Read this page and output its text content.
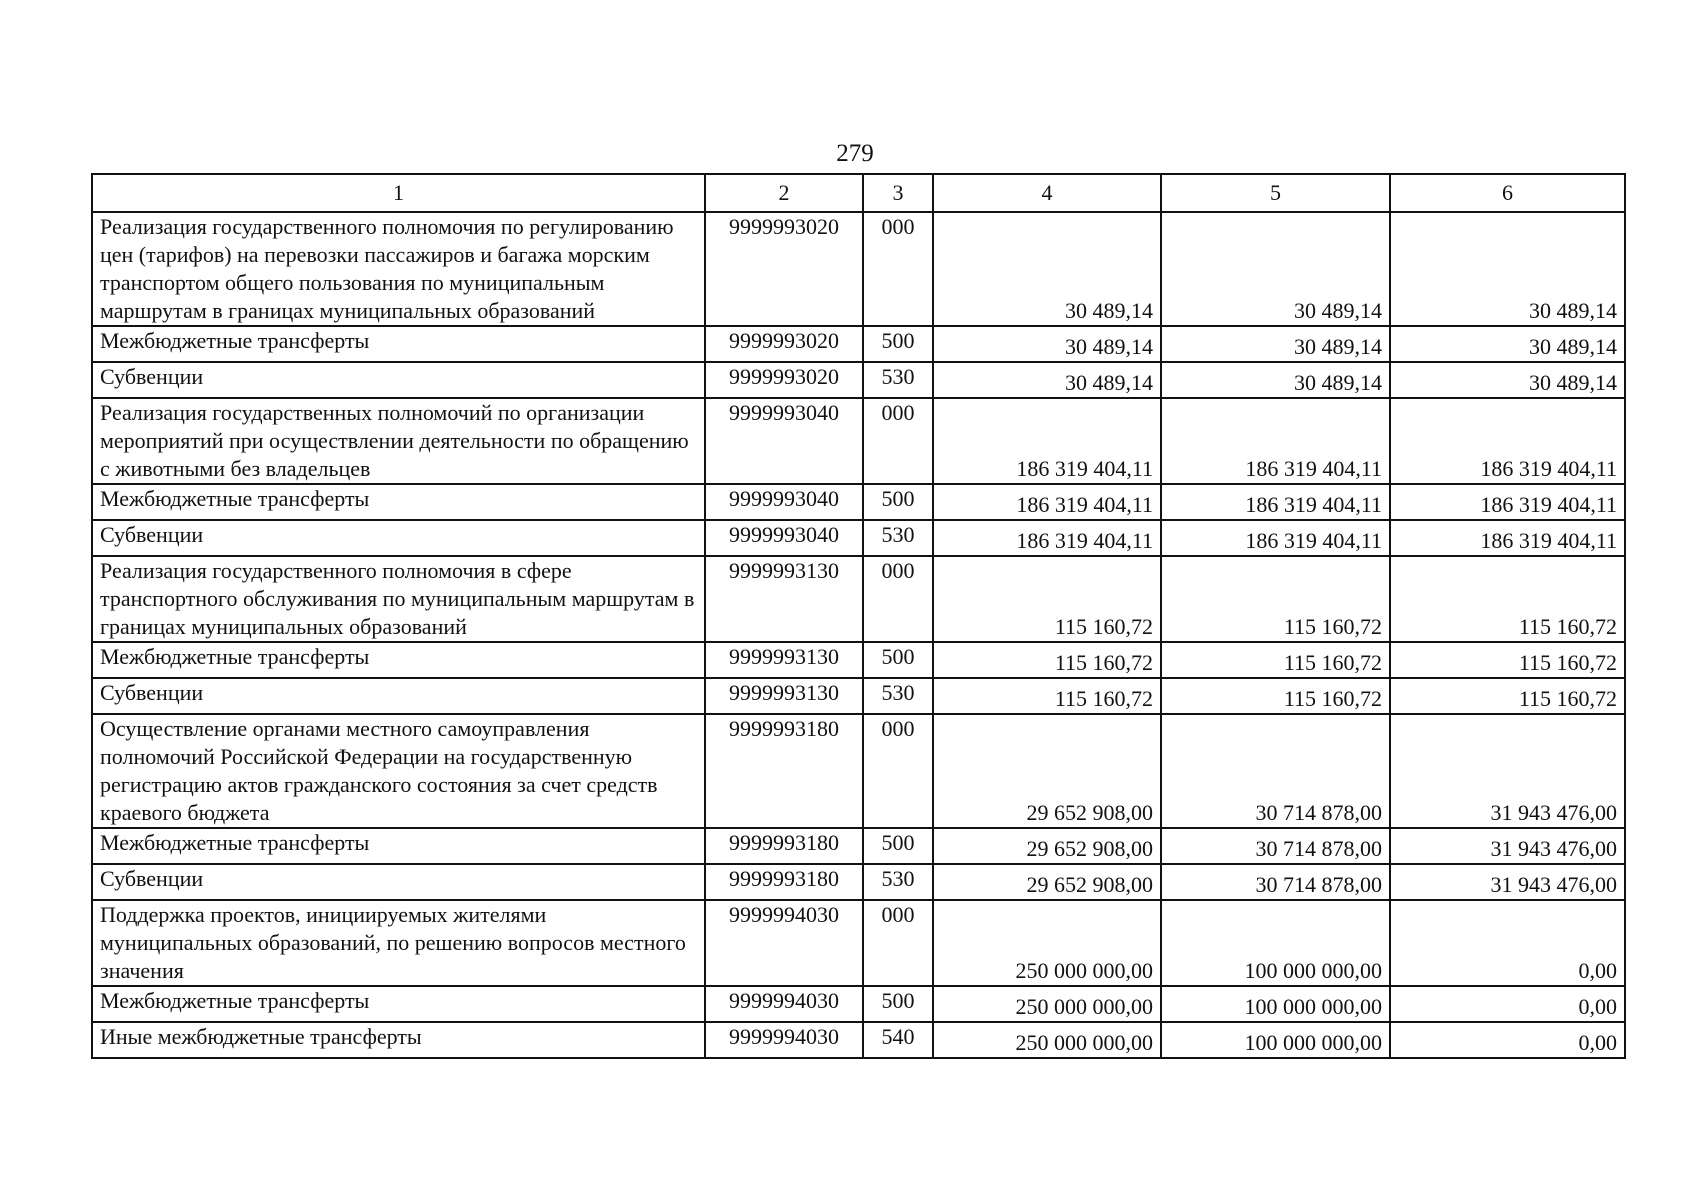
279
1	2	3	4	5	6
Реализация государственного полномочия по регулированию цен (тарифов) на перевозки пассажиров и багажа морским транспортом общего пользования по муниципальным маршрутам в границах муниципальных образований	9999993020	000	30 489,14	30 489,14	30 489,14
Межбюджетные трансферты	9999993020	500	30 489,14	30 489,14	30 489,14
Субвенции	9999993020	530	30 489,14	30 489,14	30 489,14
Реализация государственных полномочий по организации мероприятий при осуществлении деятельности по обращению с животными без владельцев	9999993040	000	186 319 404,11	186 319 404,11	186 319 404,11
Межбюджетные трансферты	9999993040	500	186 319 404,11	186 319 404,11	186 319 404,11
Субвенции	9999993040	530	186 319 404,11	186 319 404,11	186 319 404,11
Реализация государственного полномочия в сфере транспортного обслуживания по муниципальным маршрутам в границах муниципальных образований	9999993130	000	115 160,72	115 160,72	115 160,72
Межбюджетные трансферты	9999993130	500	115 160,72	115 160,72	115 160,72
Субвенции	9999993130	530	115 160,72	115 160,72	115 160,72
Осуществление органами местного самоуправления полномочий Российской Федерации на государственную регистрацию актов гражданского состояния за счет средств краевого бюджета	9999993180	000	29 652 908,00	30 714 878,00	31 943 476,00
Межбюджетные трансферты	9999993180	500	29 652 908,00	30 714 878,00	31 943 476,00
Субвенции	9999993180	530	29 652 908,00	30 714 878,00	31 943 476,00
Поддержка проектов, инициируемых жителями муниципальных образований, по решению вопросов местного значения	9999994030	000	250 000 000,00	100 000 000,00	0,00
Межбюджетные трансферты	9999994030	500	250 000 000,00	100 000 000,00	0,00
Иные межбюджетные трансферты	9999994030	540	250 000 000,00	100 000 000,00	0,00
